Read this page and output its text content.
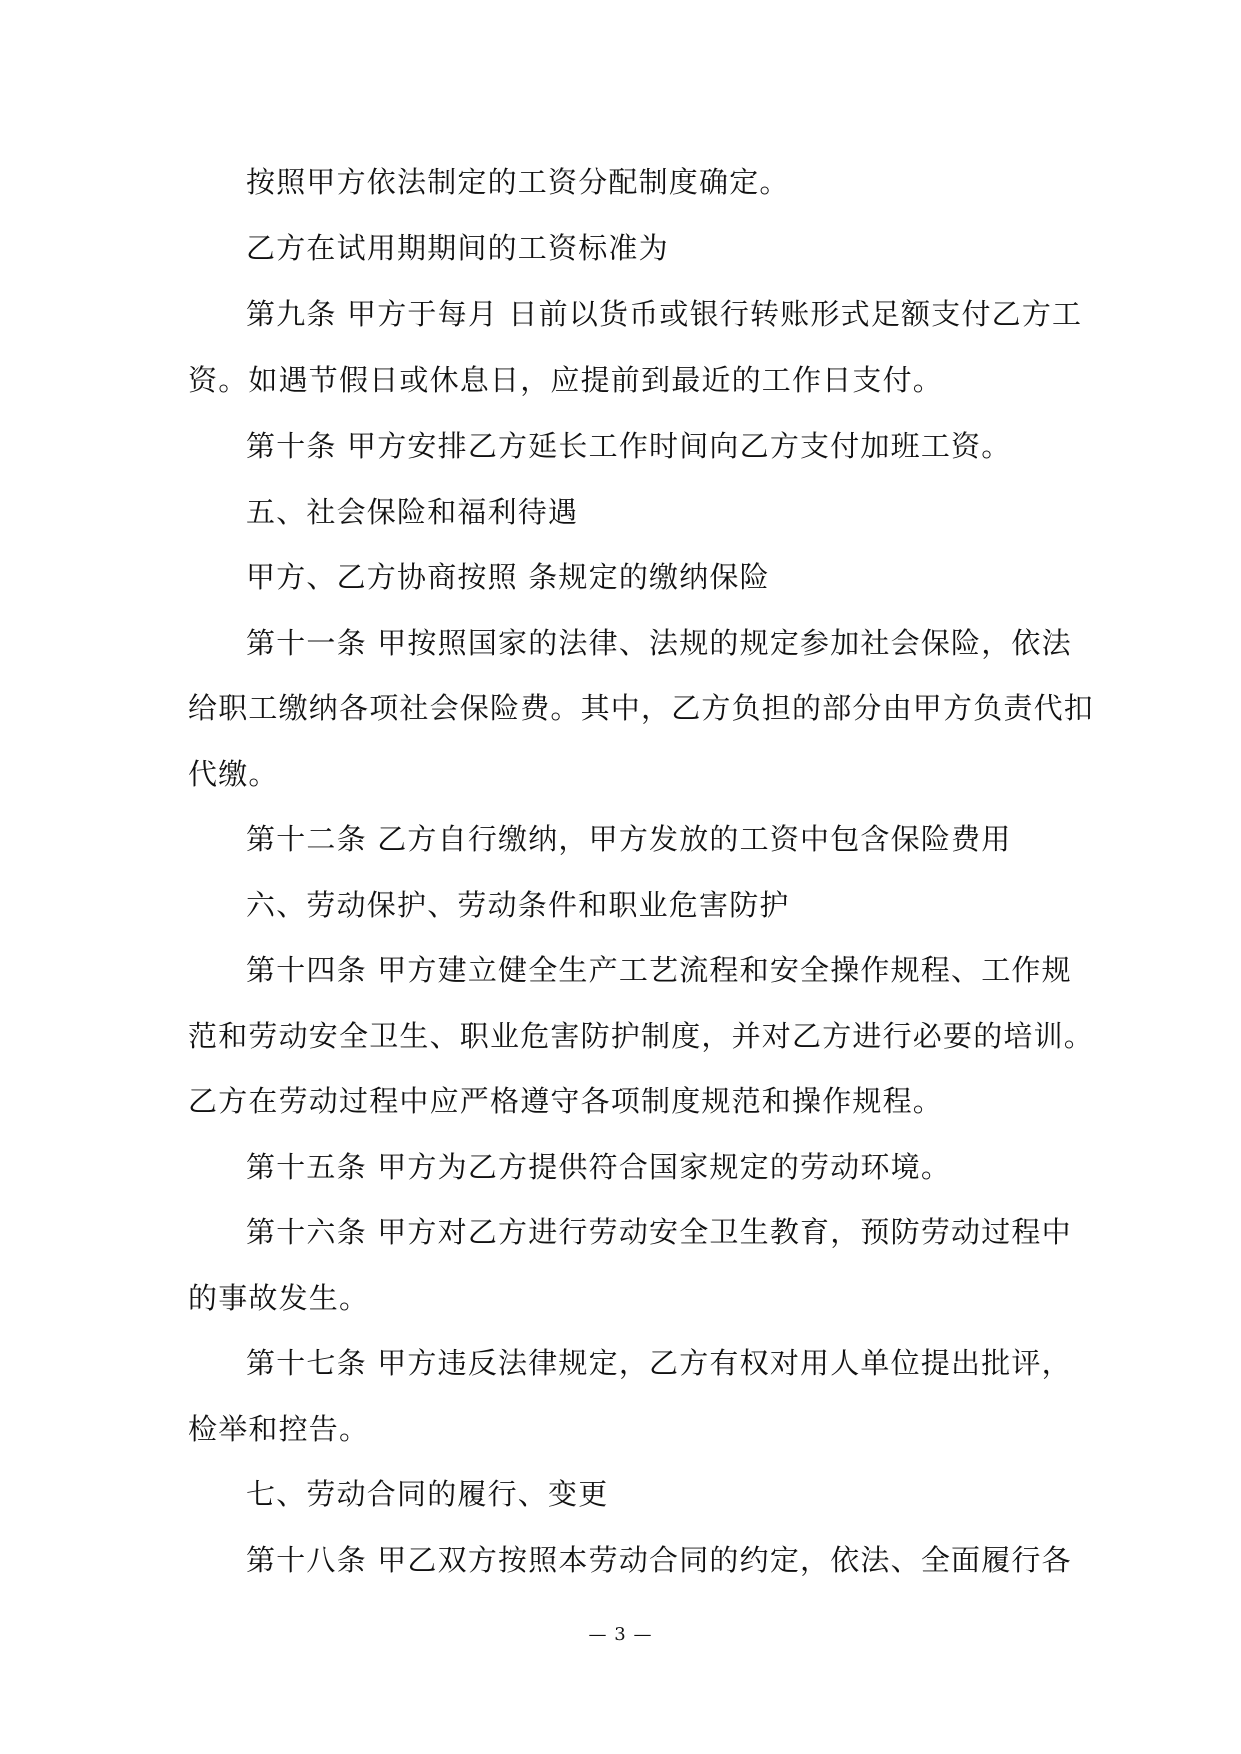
按照甲方依法制定的工资分配制度确定。
乙方在试用期期间的工资标准为
第九条 甲方于每月 日前以货币或银行转账形式足额支付乙方工
资。如遇节假日或休息日，应提前到最近的工作日支付。
第十条 甲方安排乙方延长工作时间向乙方支付加班工资。
五、社会保险和福利待遇
甲方、乙方协商按照 条规定的缴纳保险
第十一条 甲按照国家的法律、法规的规定参加社会保险，依法
给职工缴纳各项社会保险费。其中，乙方负担的部分由甲方负责代扣
代缴。
第十二条 乙方自行缴纳，甲方发放的工资中包含保险费用
六、劳动保护、劳动条件和职业危害防护
第十四条 甲方建立健全生产工艺流程和安全操作规程、工作规
范和劳动安全卫生、职业危害防护制度，并对乙方进行必要的培训。
乙方在劳动过程中应严格遵守各项制度规范和操作规程。
第十五条 甲方为乙方提供符合国家规定的劳动环境。
第十六条 甲方对乙方进行劳动安全卫生教育，预防劳动过程中
的事故发生。
第十七条 甲方违反法律规定，乙方有权对用人单位提出批评，
检举和控告。
七、劳动合同的履行、变更
第十八条 甲乙双方按照本劳动合同的约定，依法、全面履行各
— 3 —
